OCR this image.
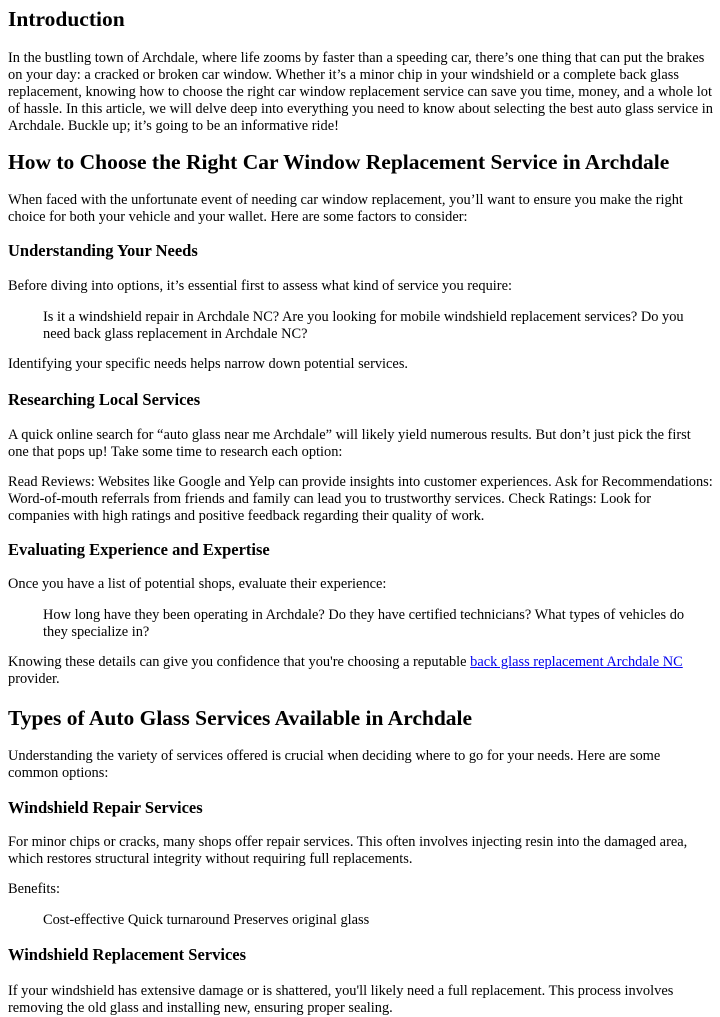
Introduction

In the bustling town of Archdale, where life zooms by faster than a speeding car, there’s one thing that can put the brakes on your day: a cracked or broken car window. Whether it’s a minor chip in your windshield or a complete back glass replacement, knowing how to choose the right car window replacement service can save you time, money, and a whole lot of hassle. In this article, we will delve deep into everything you need to know about selecting the best auto glass service in Archdale. Buckle up; it’s going to be an informative ride!

How to Choose the Right Car Window Replacement Service in Archdale

When faced with the unfortunate event of needing car window replacement, you’ll want to ensure you make the right choice for both your vehicle and your wallet. Here are some factors to consider:

Understanding Your Needs

Before diving into options, it’s essential first to assess what kind of service you require:

Is it a windshield repair in Archdale NC? Are you looking for mobile windshield replacement services? Do you need back glass replacement in Archdale NC?

Identifying your specific needs helps narrow down potential services.

Researching Local Services

A quick online search for “auto glass near me Archdale” will likely yield numerous results. But don’t just pick the first one that pops up! Take some time to research each option:

Read Reviews: Websites like Google and Yelp can provide insights into customer experiences. Ask for Recommendations: Word-of-mouth referrals from friends and family can lead you to trustworthy services. Check Ratings: Look for companies with high ratings and positive feedback regarding their quality of work.

Evaluating Experience and Expertise

Once you have a list of potential shops, evaluate their experience:

How long have they been operating in Archdale? Do they have certified technicians? What types of vehicles do they specialize in?

Knowing these details can give you confidence that you're choosing a reputable back glass replacement Archdale NC provider.

Types of Auto Glass Services Available in Archdale

Understanding the variety of services offered is crucial when deciding where to go for your needs. Here are some common options:

Windshield Repair Services

For minor chips or cracks, many shops offer repair services. This often involves injecting resin into the damaged area, which restores structural integrity without requiring full replacements.

Benefits:

Cost-effective Quick turnaround Preserves original glass
Windshield Replacement Services

If your windshield has extensive damage or is shattered, you'll likely need a full replacement. This process involves removing the old glass and installing new, ensuring proper sealing.
